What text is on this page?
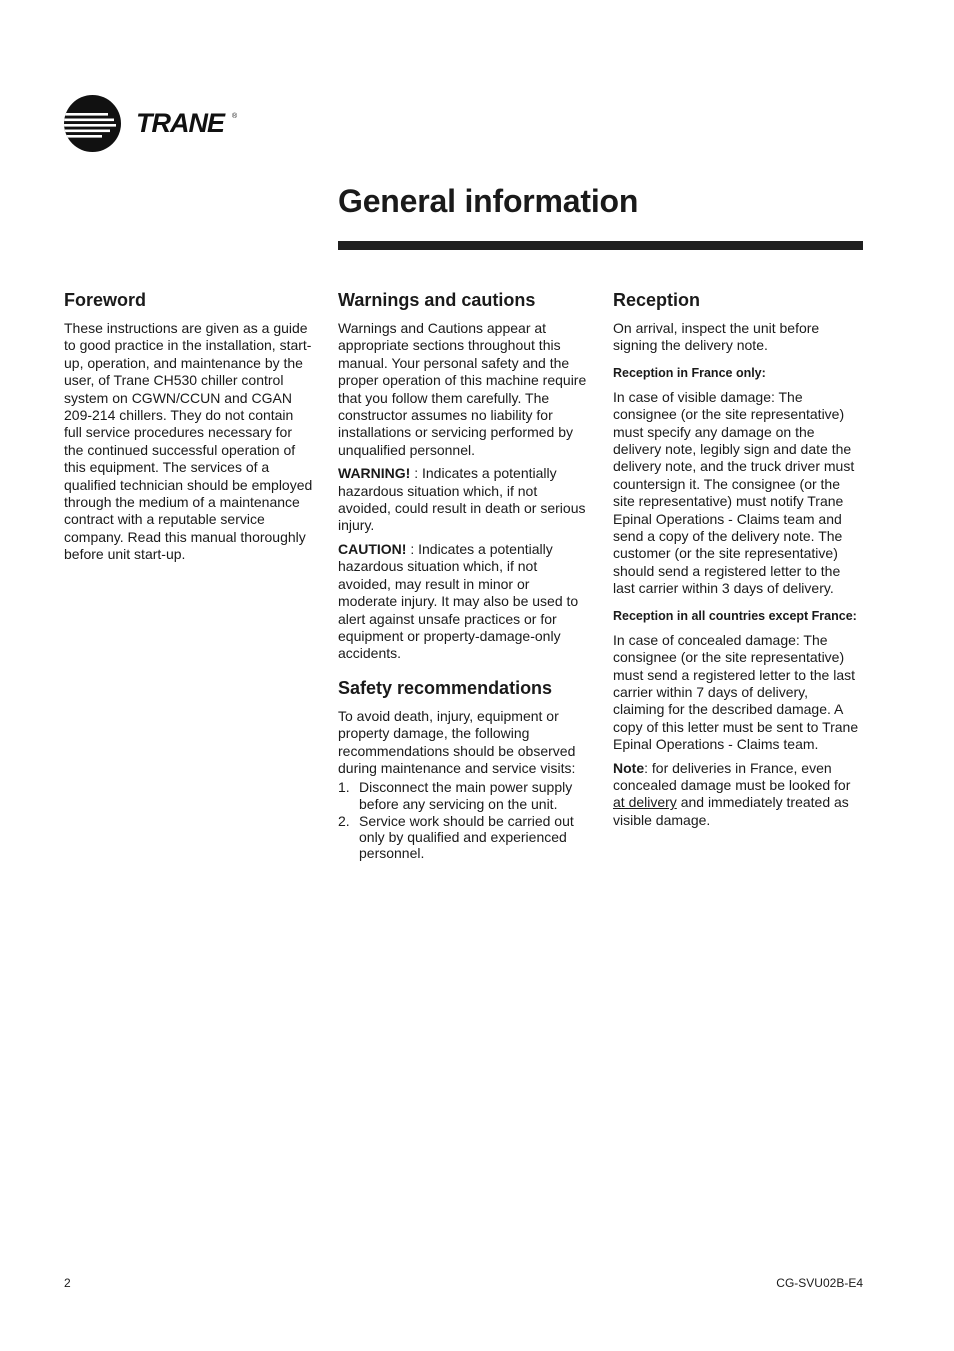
TRANE ®
General information
Foreword

These instructions are given as a guide to good practice in the installation, start-up, operation, and maintenance by the user, of Trane CH530 chiller control system on CGWN/CCUN and CGAN 209-214 chillers. They do not contain full service procedures necessary for the continued successful operation of this equipment. The services of a qualified technician should be employed through the medium of a maintenance contract with a reputable service company. Read this manual thoroughly before unit start-up.

Warnings and cautions

Warnings and Cautions appear at appropriate sections throughout this manual. Your personal safety and the proper operation of this machine require that you follow them carefully. The constructor assumes no liability for installations or servicing performed by unqualified personnel.

WARNING! : Indicates a potentially hazardous situation which, if not avoided, could result in death or serious injury.

CAUTION! : Indicates a potentially hazardous situation which, if not avoided, may result in minor or moderate injury. It may also be used to alert against unsafe practices or for equipment or property-damage-only accidents.

Safety recommendations

To avoid death, injury, equipment or property damage, the following recommendations should be observed during maintenance and service visits:

1. Disconnect the main power supply before any servicing on the unit.
2. Service work should be carried out only by qualified and experienced personnel.
Reception

On arrival, inspect the unit before signing the delivery note.

Reception in France only:

In case of visible damage: The consignee (or the site representative) must specify any damage on the delivery note, legibly sign and date the delivery note, and the truck driver must countersign it. The consignee (or the site representative) must notify Trane Epinal Operations - Claims team and send a copy of the delivery note. The customer (or the site representative) should send a registered letter to the last carrier within 3 days of delivery.

Reception in all countries except France:

In case of concealed damage: The consignee (or the site representative) must send a registered letter to the last carrier within 7 days of delivery, claiming for the described damage. A copy of this letter must be sent to Trane Epinal Operations - Claims team.

Note: for deliveries in France, even concealed damage must be looked for at delivery and immediately treated as visible damage.

2	CG-SVU02B-E4
